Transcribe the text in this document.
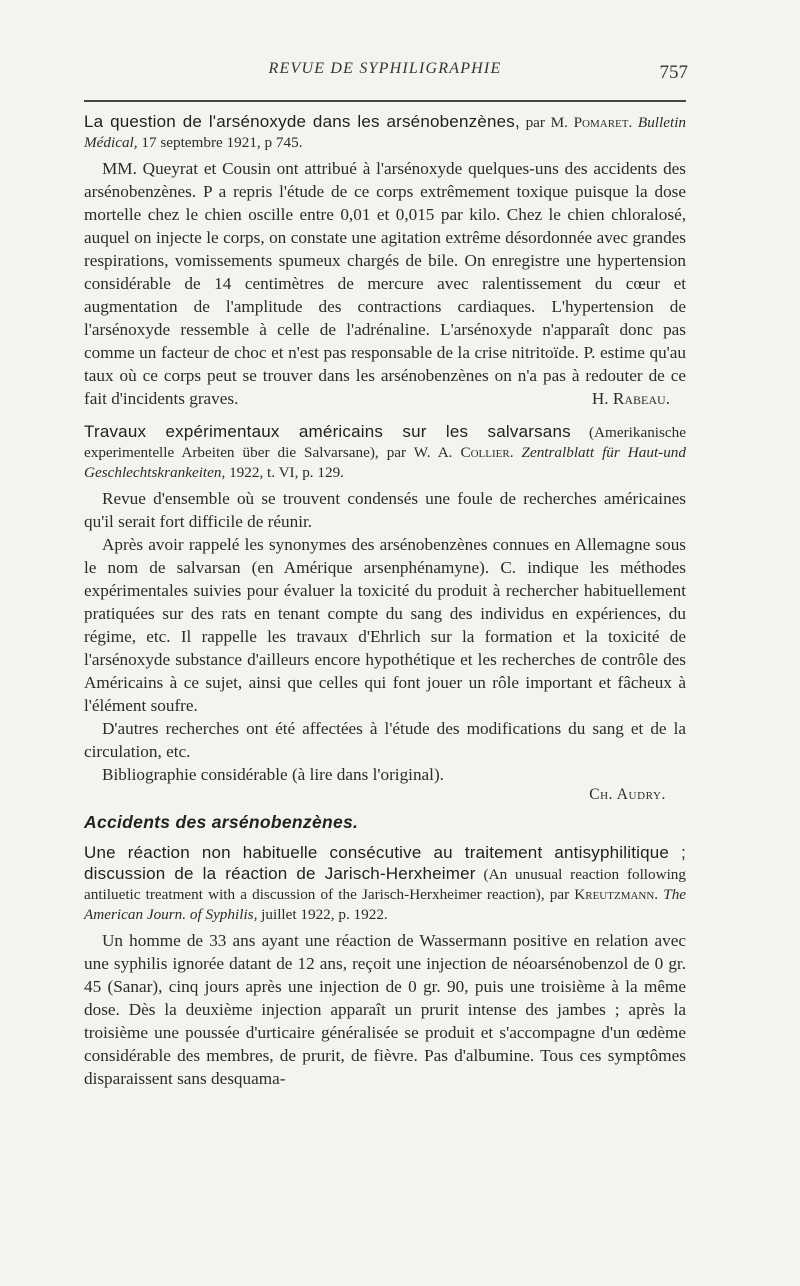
REVUE DE SYPHILIGRAPHIE	757
La question de l'arsénoxyde dans les arsénobenzènes, par M. Pomaret. Bulletin Médical, 17 septembre 1921, p 745.

MM. Queyrat et Cousin ont attribué à l'arsénoxyde quelques-uns des accidents des arsénobenzènes. P a repris l'étude de ce corps extrêmement toxique puisque la dose mortelle chez le chien oscille entre 0,01 et 0,015 par kilo. Chez le chien chloralosé, auquel on injecte le corps, on constate une agitation extrême désordonnée avec grandes respirations, vomissements spumeux chargés de bile. On enregistre une hypertension considérable de 14 centimètres de mercure avec ralentissement du cœur et augmentation de l'amplitude des contractions cardiaques. L'hypertension de l'arsénoxyde ressemble à celle de l'adrénaline. L'arsénoxyde n'apparaît donc pas comme un facteur de choc et n'est pas responsable de la crise nitritoïde. P. estime qu'au taux où ce corps peut se trouver dans les arsénobenzènes on n'a pas à redouter de ce fait d'incidents graves.	H. Rabeau.

Travaux expérimentaux américains sur les salvarsans (Amerikanische experimentelle Arbeiten über die Salvarsane), par W. A. Collier. Zentralblatt für Haut-und Geschlechtskrankeiten, 1922, t. VI, p. 129.

Revue d'ensemble où se trouvent condensés une foule de recherches américaines qu'il serait fort difficile de réunir.

Après avoir rappelé les synonymes des arsénobenzènes connues en Allemagne sous le nom de salvarsan (en Amérique arsenphénamyne). C. indique les méthodes expérimentales suivies pour évaluer la toxicité du produit à rechercher habituellement pratiquées sur des rats en tenant compte du sang des individus en expériences, du régime, etc. Il rappelle les travaux d'Ehrlich sur la formation et la toxicité de l'arsénoxyde substance d'ailleurs encore hypothétique et les recherches de contrôle des Américains à ce sujet, ainsi que celles qui font jouer un rôle important et fâcheux à l'élément soufre.

D'autres recherches ont été affectées à l'étude des modifications du sang et de la circulation, etc.

Bibliographie considérable (à lire dans l'original).

Ch. Audry.
Accidents des arsénobenzènes.
Une réaction non habituelle consécutive au traitement antisyphilitique ; discussion de la réaction de Jarisch-Herxheimer (An unusual reaction following antiluetic treatment with a discussion of the Jarisch-Herxheimer reaction), par Kreutzmann. The American Journ. of Syphilis, juillet 1922, p. 1922.

Un homme de 33 ans ayant une réaction de Wassermann positive en relation avec une syphilis ignorée datant de 12 ans, reçoit une injection de néoarsénobenzol de 0 gr. 45 (Sanar), cinq jours après une injection de 0 gr. 90, puis une troisième à la même dose. Dès la deuxième injection apparaît un prurit intense des jambes ; après la troisième une poussée d'urticaire généralisée se produit et s'accompagne d'un œdème considérable des membres, de prurit, de fièvre. Pas d'albumine. Tous ces symptômes disparaissent sans desquama-
